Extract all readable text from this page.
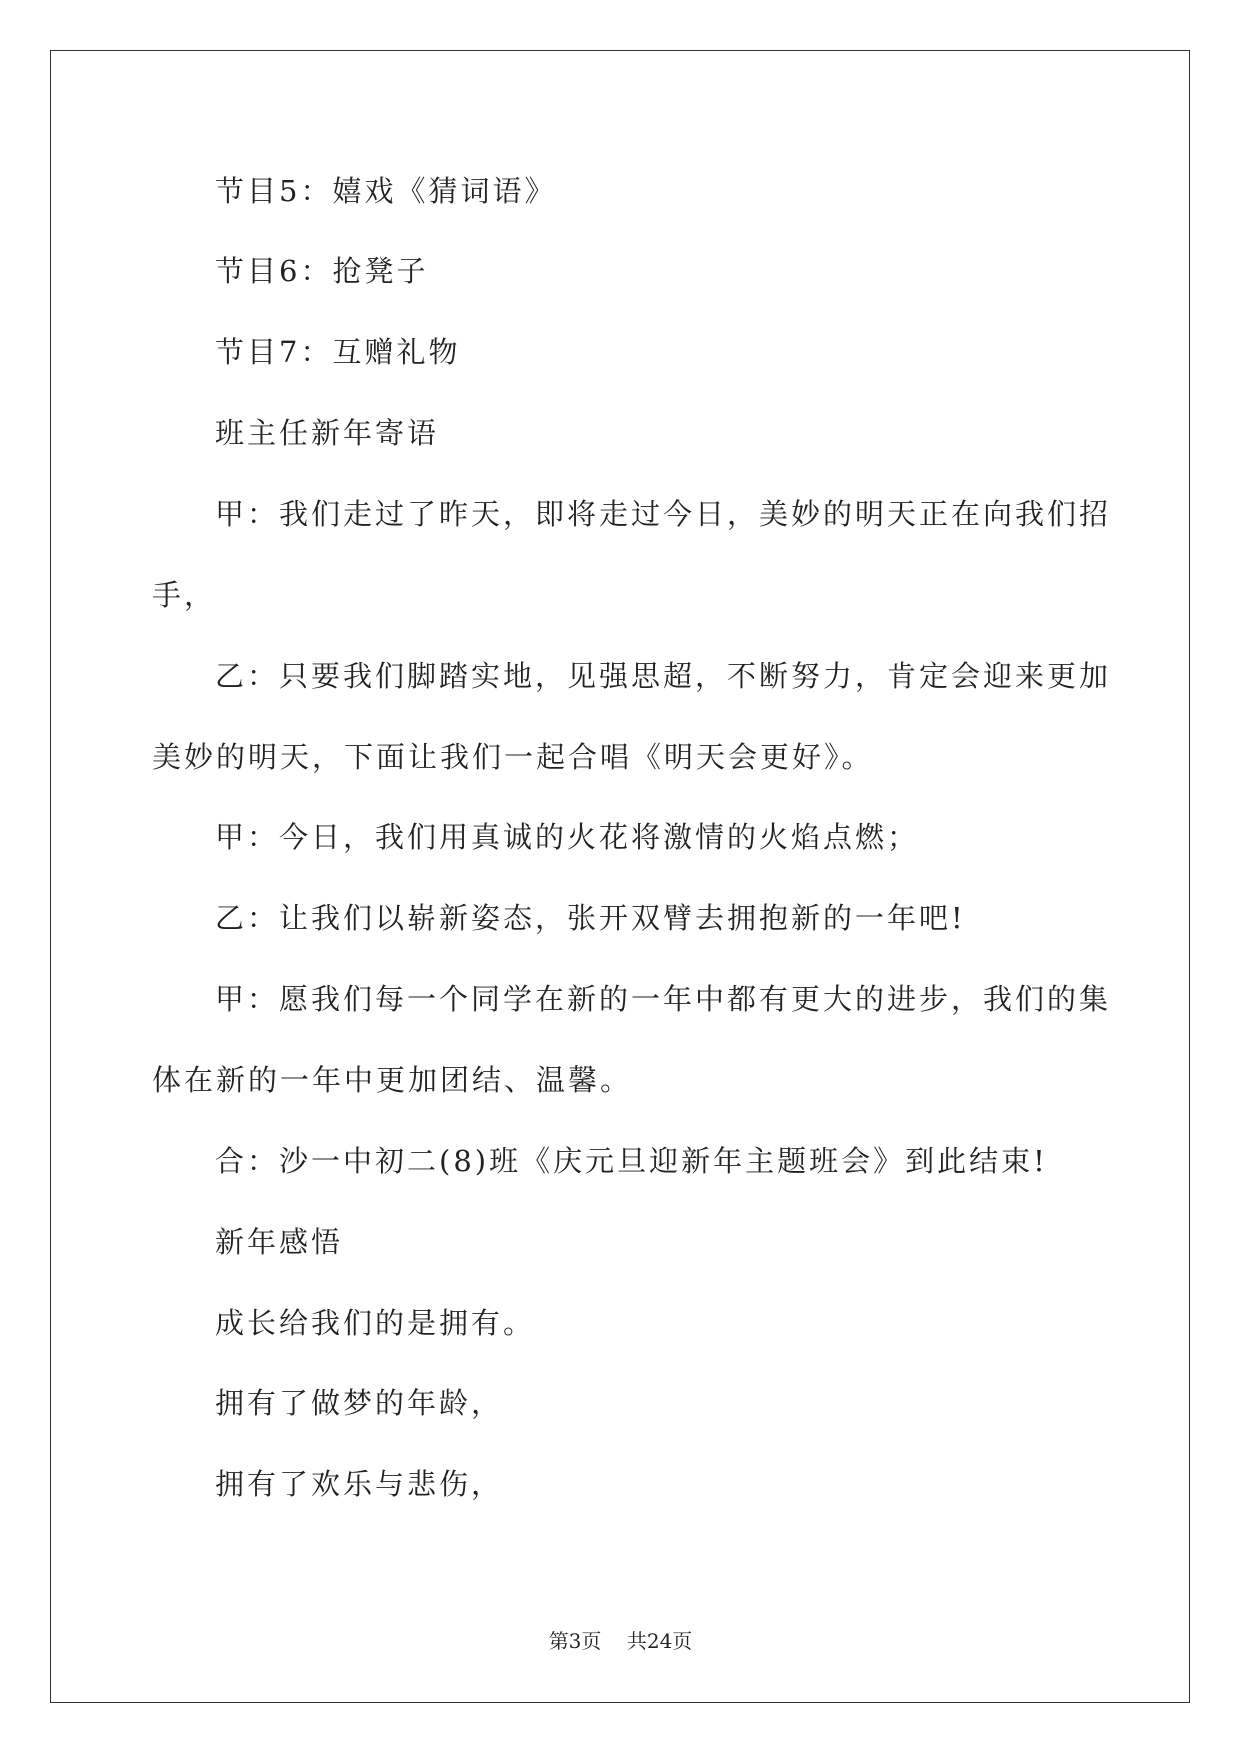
节目5：嬉戏《猜词语》

节目6：抢凳子

节目7：互赠礼物

班主任新年寄语

甲：我们走过了昨天，即将走过今日，美妙的明天正在向我们招

手，

乙：只要我们脚踏实地，见强思超，不断努力，肯定会迎来更加

美妙的明天，下面让我们一起合唱《明天会更好》。

甲：今日，我们用真诚的火花将激情的火焰点燃；

乙：让我们以崭新姿态，张开双臂去拥抱新的一年吧!

甲：愿我们每一个同学在新的一年中都有更大的进步，我们的集

体在新的一年中更加团结、温馨。

合：沙一中初二(8)班《庆元旦迎新年主题班会》到此结束!

新年感悟

成长给我们的是拥有。

拥有了做梦的年龄，

拥有了欢乐与悲伤，

第3页    共24页
